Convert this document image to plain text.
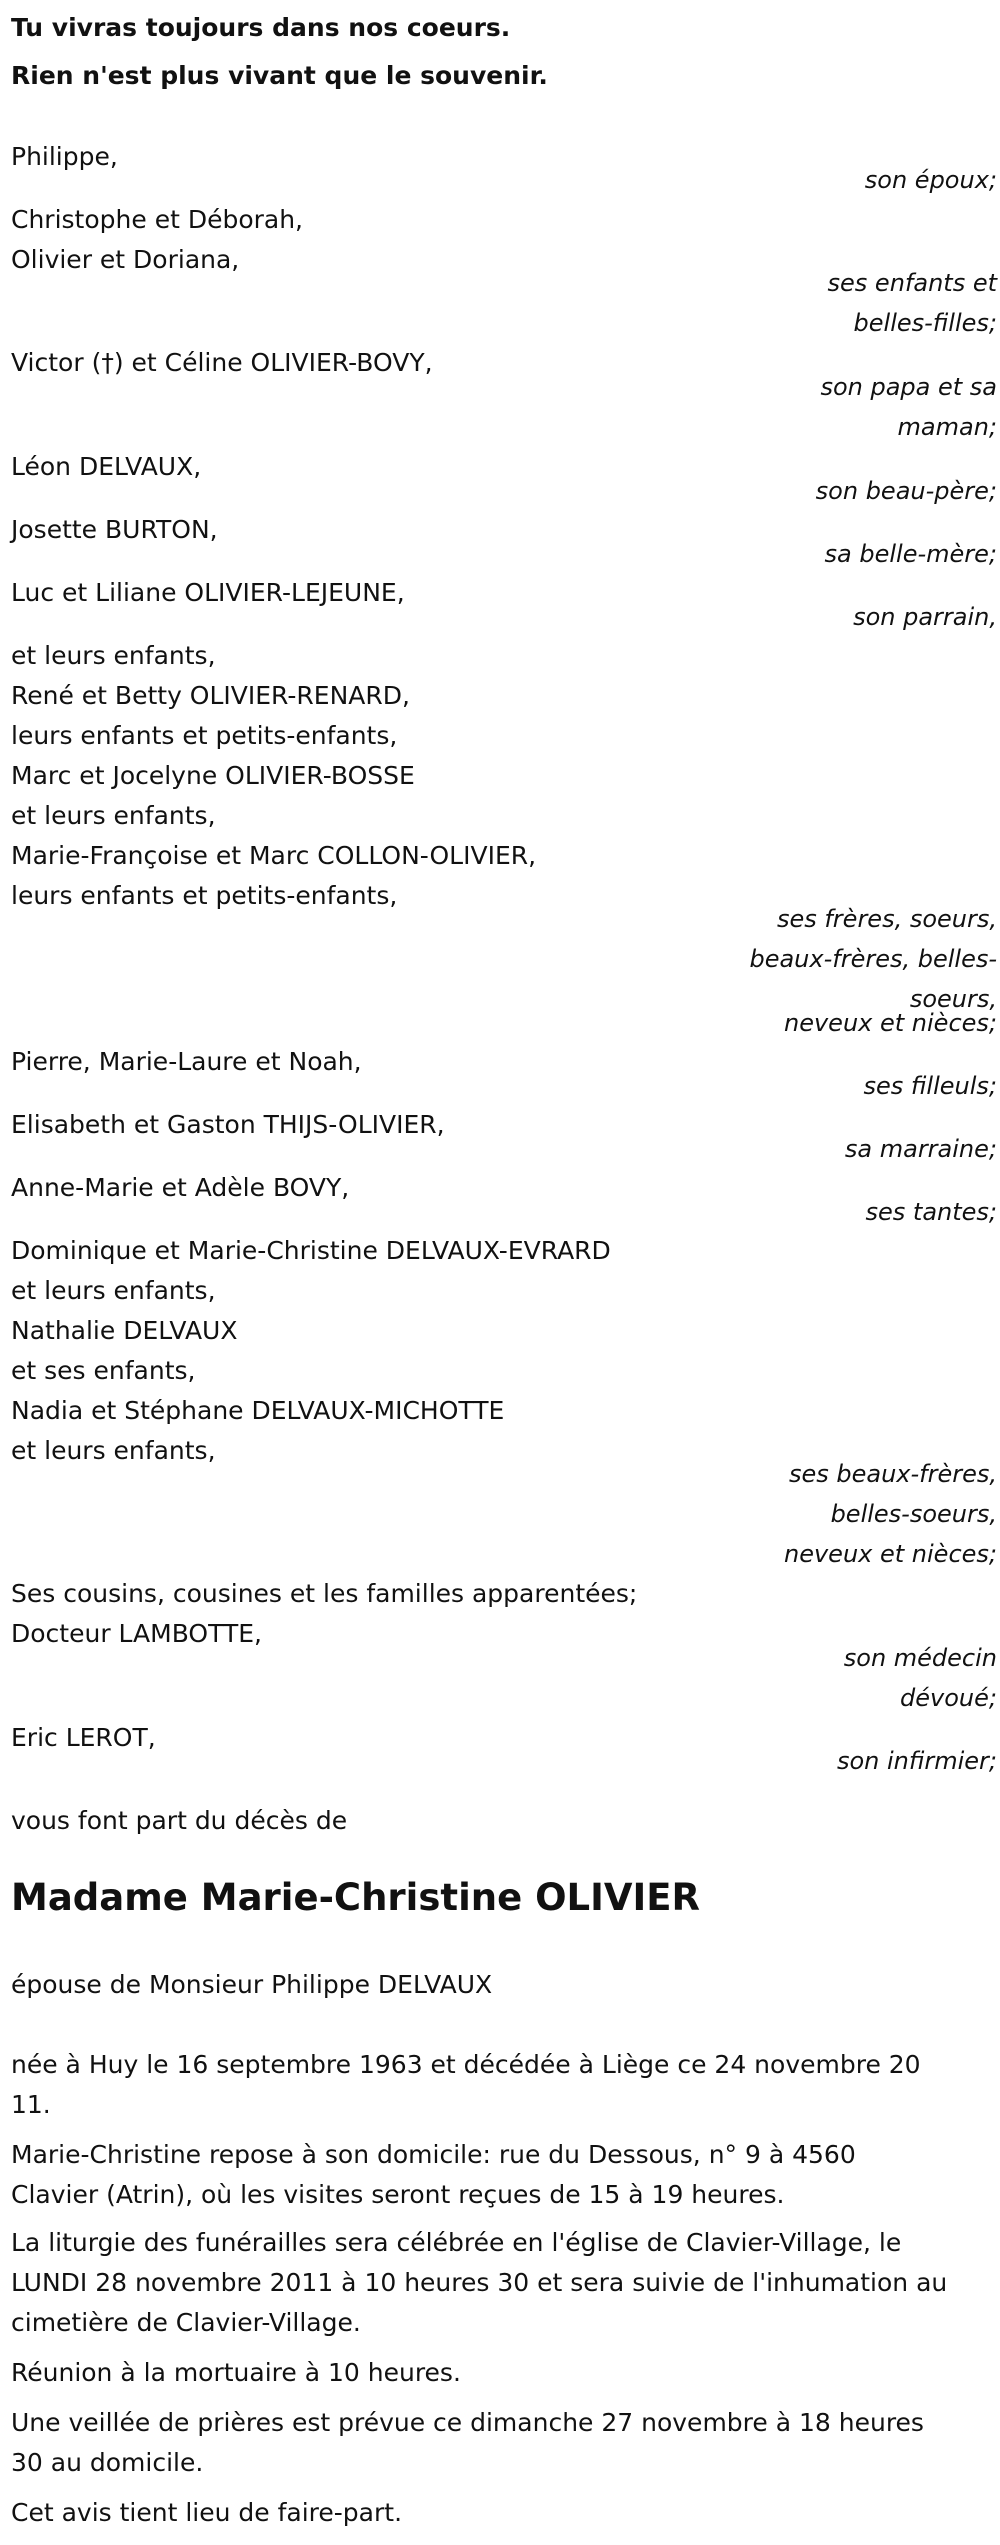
Tu vivras toujours dans nos coeurs.
Rien n'est plus vivant que le souvenir.
Philippe,
son époux;
Christophe et Déborah,
Olivier et Doriana,
ses enfants et
belles-filles;
Victor (†) et Céline OLIVIER-BOVY,
son papa et sa
maman;
Léon DELVAUX,
son beau-père;
Josette BURTON,
sa belle-mère;
Luc et Liliane OLIVIER-LEJEUNE,
son parrain,
et leurs enfants,
René et Betty OLIVIER-RENARD,
leurs enfants et petits-enfants,
Marc et Jocelyne OLIVIER-BOSSE
et leurs enfants,
Marie-Françoise et Marc COLLON-OLIVIER,
leurs enfants et petits-enfants,
ses frères, soeurs,
beaux-frères, belles-
soeurs,
neveux et nièces;
Pierre, Marie-Laure et Noah,
ses filleuls;
Elisabeth et Gaston THIJS-OLIVIER,
sa marraine;
Anne-Marie et Adèle BOVY,
ses tantes;
Dominique et Marie-Christine DELVAUX-EVRARD
et leurs enfants,
Nathalie DELVAUX
et ses enfants,
Nadia et Stéphane DELVAUX-MICHOTTE
et leurs enfants,
ses beaux-frères,
belles-soeurs,
neveux et nièces;
Ses cousins, cousines et les familles apparentées;
Docteur LAMBOTTE,
son médecin
dévoué;
Eric LEROT,
son infirmier;
vous font part du décès de
Madame Marie-Christine OLIVIER
épouse de Monsieur Philippe DELVAUX
née à Huy le 16 septembre 1963 et décédée à Liège ce 24 novembre 20
11.
Marie-Christine repose à son domicile: rue du Dessous, n° 9 à 4560
Clavier (Atrin), où les visites seront reçues de 15 à 19 heures.
La liturgie des funérailles sera célébrée en l'église de Clavier-Village, le
LUNDI 28 novembre 2011 à 10 heures 30 et sera suivie de l'inhumation au
cimetière de Clavier-Village.
Réunion à la mortuaire à 10 heures.
Une veillée de prières est prévue ce dimanche 27 novembre à 18 heures
30 au domicile.
Cet avis tient lieu de faire-part.
